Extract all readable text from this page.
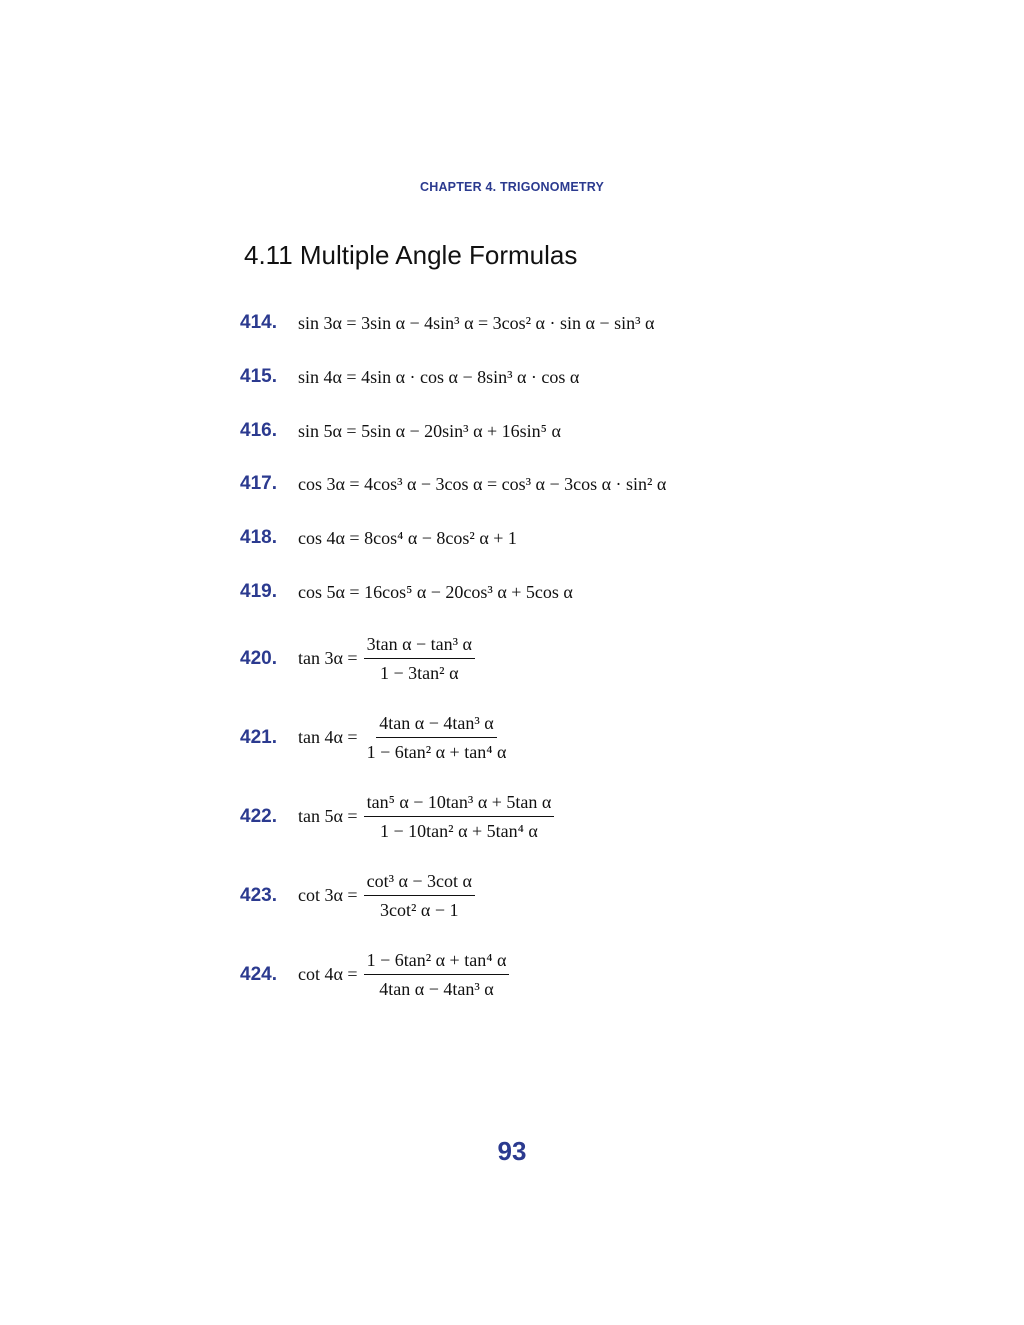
CHAPTER 4. TRIGONOMETRY
4.11 Multiple Angle Formulas
414.	sin 3α = 3sin α − 4sin³ α = 3cos² α · sin α − sin³ α
415.	sin 4α = 4sin α · cos α − 8sin³ α · cos α
416.	sin 5α = 5sin α − 20sin³ α + 16sin⁵ α
417.	cos 3α = 4cos³ α − 3cos α = cos³ α − 3cos α · sin² α
418.	cos 4α = 8cos⁴ α − 8cos² α + 1
419.	cos 5α = 16cos⁵ α − 20cos³ α + 5cos α
420.	$\tan 3\alpha = \frac{\text{3tan α − tan³ α}}{\text{1 − 3tan² α}}$
421.	$\tan 4\alpha = \frac{\text{4tan α − 4tan³ α}}{\text{1 − 6tan² α + tan⁴ α}}$
422.	$\tan 5\alpha = \frac{\text{tan⁵ α − 10tan³ α + 5tan α}}{\text{1 − 10tan² α + 5tan⁴ α}}$
423.	$\cot 3\alpha = \frac{\text{cot³ α − 3cot α}}{\text{3cot² α − 1}}$
424.	$\cot 4\alpha = \frac{\text{1 − 6tan² α + tan⁴ α}}{\text{4tan α − 4tan³ α}}$
93
